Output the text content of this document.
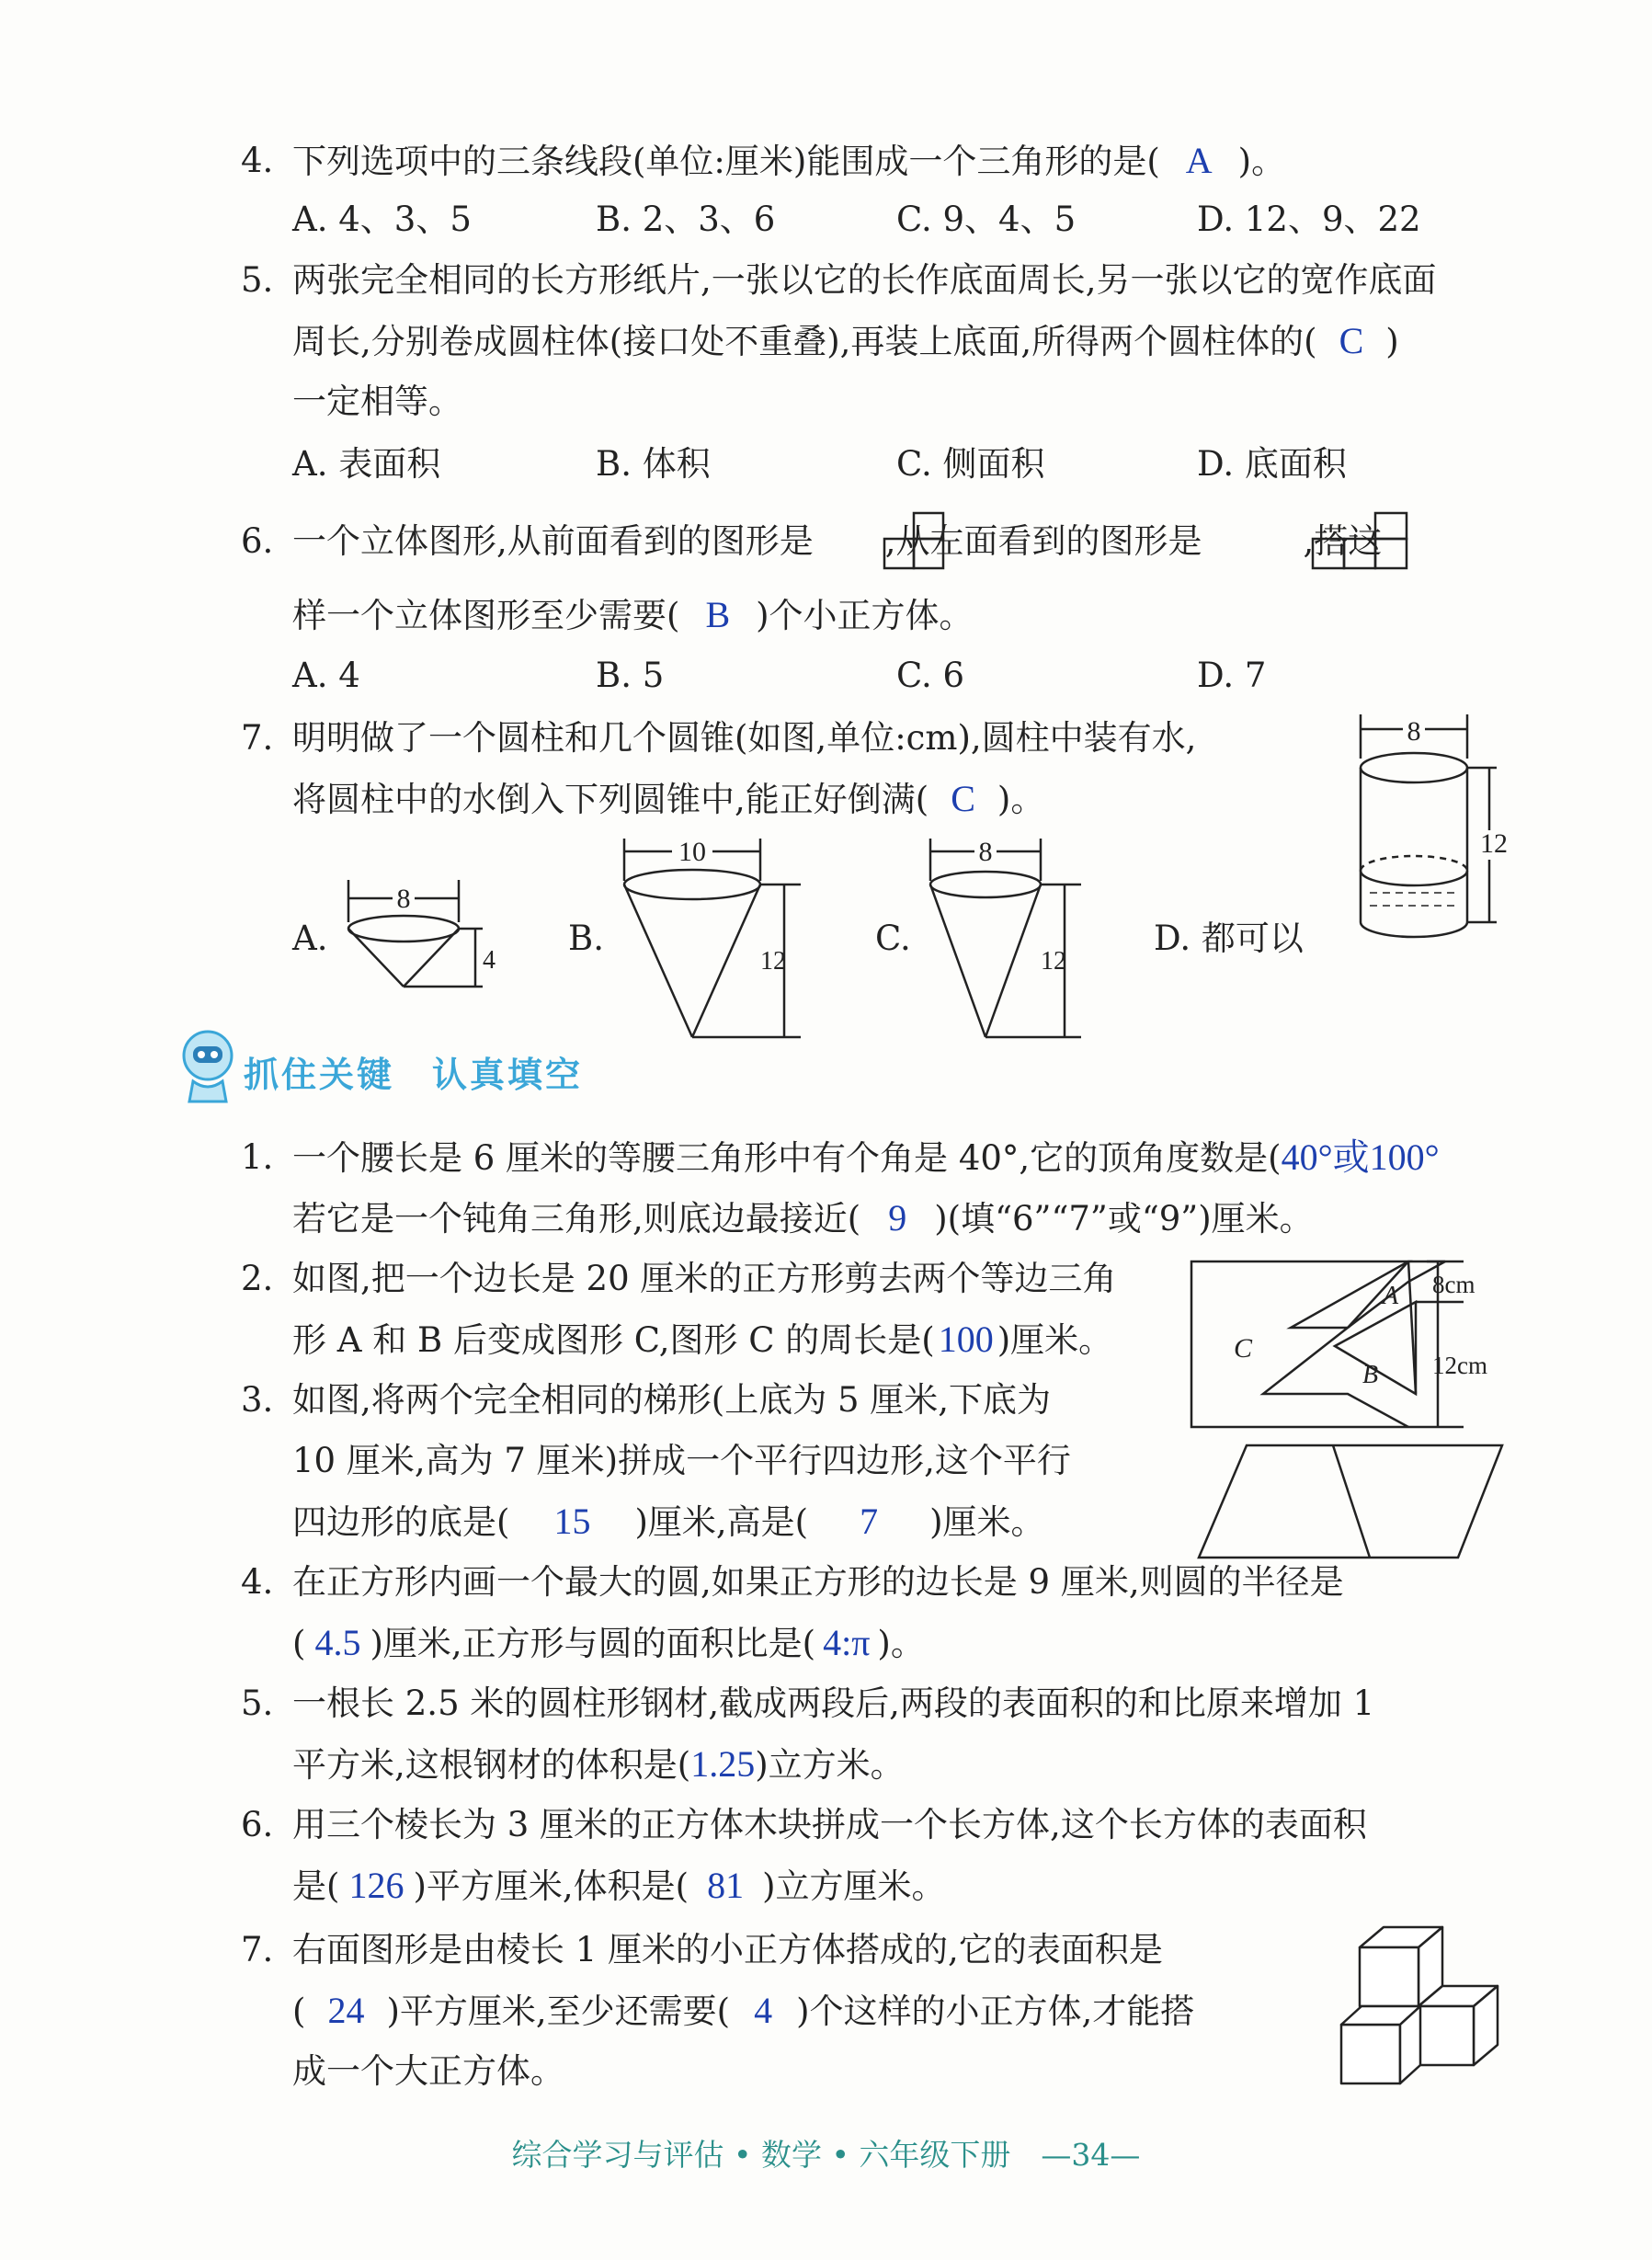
4. 下列选项中的三条线段(单位:厘米)能围成一个三角形的是( A )。
A. 4、3、5	B. 2、3、6	C. 9、4、5	D. 12、9、22
5. 两张完全相同的长方形纸片,一张以它的长作底面周长,另一张以它的宽作底面
周长,分别卷成圆柱体(接口处不重叠),再装上底面,所得两个圆柱体的( C )
一定相等。
A. 表面积	B. 体积	C. 侧面积	D. 底面积
6. 一个立体图形,从前面看到的图形是 ,从左面看到的图形是	,搭这
样一个立体图形至少需要( B )个小正方体。
A. 4	B. 5	C. 6	D. 7
7. 明明做了一个圆柱和几个圆锥(如图,单位:cm),圆柱中装有水,
将圆柱中的水倒入下列圆锥中,能正好倒满( C )。
8
12
A.
8
4
B.
10
12
C.
8
12
D. 都可以
抓住关键　认真填空
1. 一个腰长是 6 厘米的等腰三角形中有个角是 40°,它的顶角度数是(40°或100°
若它是一个钝角三角形,则底边最接近( 9 )(填“6”“7”或“9”)厘米。
2. 如图,把一个边长是 20 厘米的正方形剪去两个等边三角
形 A 和 B 后变成图形 C,图形 C 的周长是( 100 )厘米。	C
A
B
8cm
12cm
3. 如图,将两个完全相同的梯形(上底为 5 厘米,下底为
10 厘米,高为 7 厘米)拼成一个平行四边形,这个平行
四边形的底是( 15 )厘米,高是( 7 )厘米。
4. 在正方形内画一个最大的圆,如果正方形的边长是 9 厘米,则圆的半径是
( 4.5 )厘米,正方形与圆的面积比是( 4:π )。
5. 一根长 2.5 米的圆柱形钢材,截成两段后,两段的表面积的和比原来增加 1
平方米,这根钢材的体积是(1.25)立方米。
6. 用三个棱长为 3 厘米的正方体木块拼成一个长方体,这个长方体的表面积
是( 126 )平方厘米,体积是( 81 )立方厘米。
7. 右面图形是由棱长 1 厘米的小正方体搭成的,它的表面积是
( 24 )平方厘米,至少还需要( 4 )个这样的小正方体,才能搭
成一个大正方体。
综合学习与评估 • 数学 • 六年级下册　—34—
